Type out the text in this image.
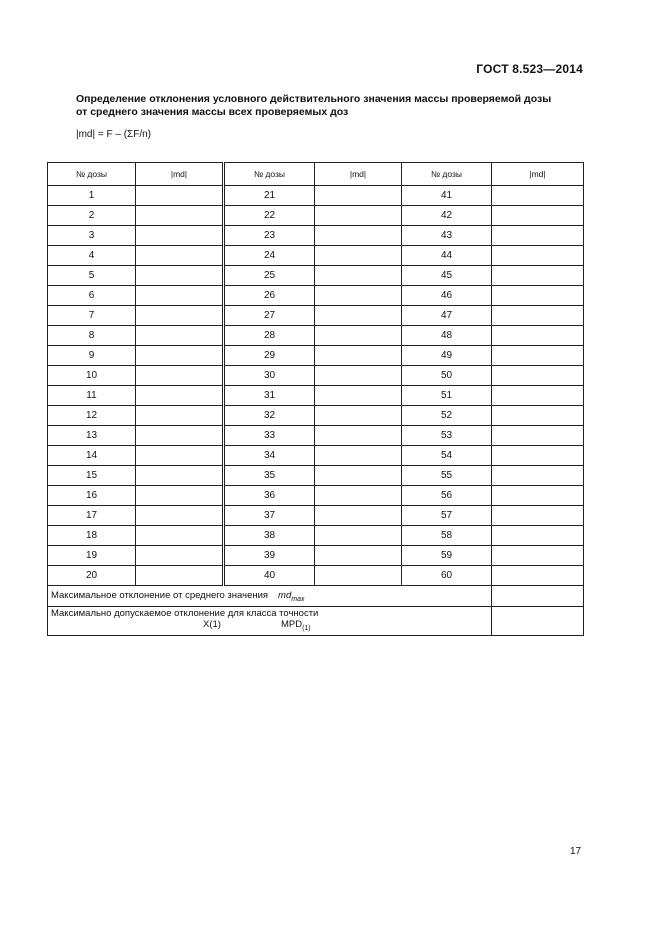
ГОСТ 8.523—2014
Определение отклонения условного действительного значения массы проверяемой дозы
от среднего значения массы всех проверяемых доз
|md| = F – (ΣF/n)
№ дозы	|md|	№ дозы	|md|	№ дозы	|md|
1		21		41	
2		22		42	
3		23		43	
4		24		44	
5		25		45	
6		26		46	
7		27		47	
8		28		48	
9		29		49	
10		30		50	
11		31		51	
12		32		52	
13		33		53	
14		34		54	
15		35		55	
16		36		56	
17		37		57	
18		38		58	
19		39		59	
20		40		60	
Максимальное отклонение от среднего значения $md_{max}$	

Максимально допускаемое отклонение для класса точности
X(1) $MPD_{(1)}$

17
